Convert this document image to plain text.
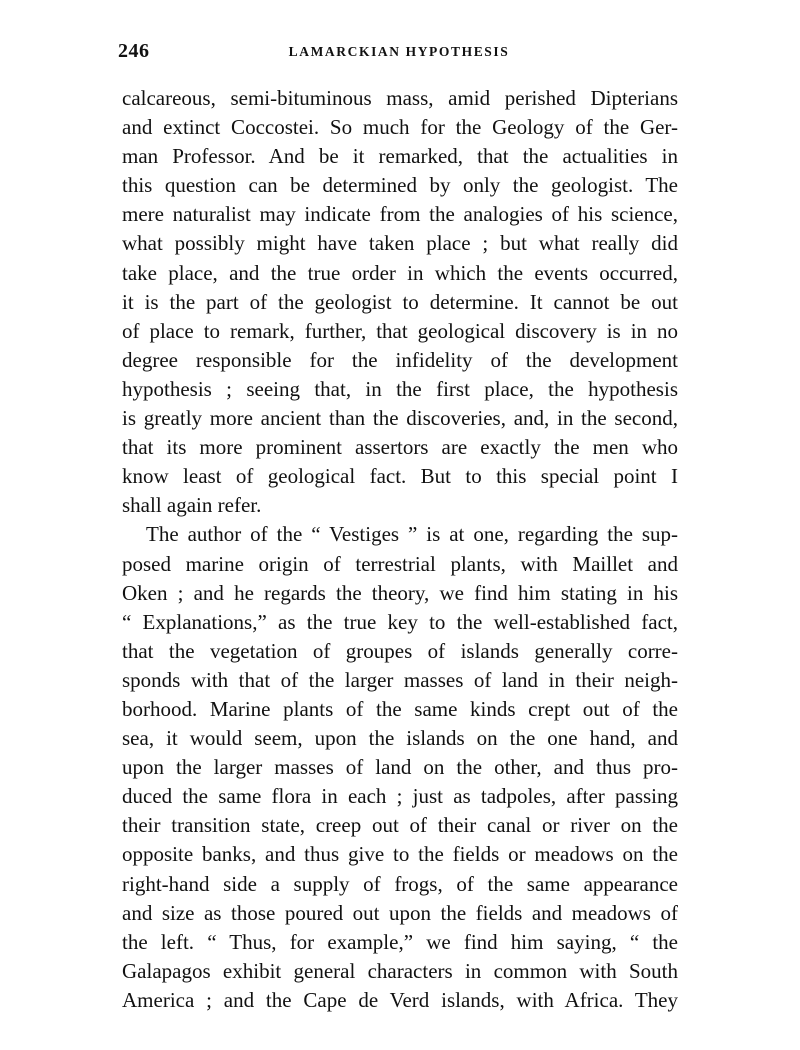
246	LAMARCKIAN HYPOTHESIS
calcareous, semi-bituminous mass, amid perished Dipterians
and extinct Coccostei. So much for the Geology of the Ger-
man Professor. And be it remarked, that the actualities in
this question can be determined by only the geologist. The
mere naturalist may indicate from the analogies of his science,
what possibly might have taken place ; but what really did
take place, and the true order in which the events occurred,
it is the part of the geologist to determine. It cannot be out
of place to remark, further, that geological discovery is in no
degree responsible for the infidelity of the development
hypothesis ; seeing that, in the first place, the hypothesis
is greatly more ancient than the discoveries, and, in the second,
that its more prominent assertors are exactly the men who
know least of geological fact. But to this special point I
shall again refer.
The author of the “ Vestiges ” is at one, regarding the sup-
posed marine origin of terrestrial plants, with Maillet and
Oken ; and he regards the theory, we find him stating in his
“ Explanations,” as the true key to the well-established fact,
that the vegetation of groupes of islands generally corre-
sponds with that of the larger masses of land in their neigh-
borhood. Marine plants of the same kinds crept out of the
sea, it would seem, upon the islands on the one hand, and
upon the larger masses of land on the other, and thus pro-
duced the same flora in each ; just as tadpoles, after passing
their transition state, creep out of their canal or river on the
opposite banks, and thus give to the fields or meadows on the
right-hand side a supply of frogs, of the same appearance
and size as those poured out upon the fields and meadows of
the left. “ Thus, for example,” we find him saying, “ the
Galapagos exhibit general characters in common with South
America ; and the Cape de Verd islands, with Africa. They
